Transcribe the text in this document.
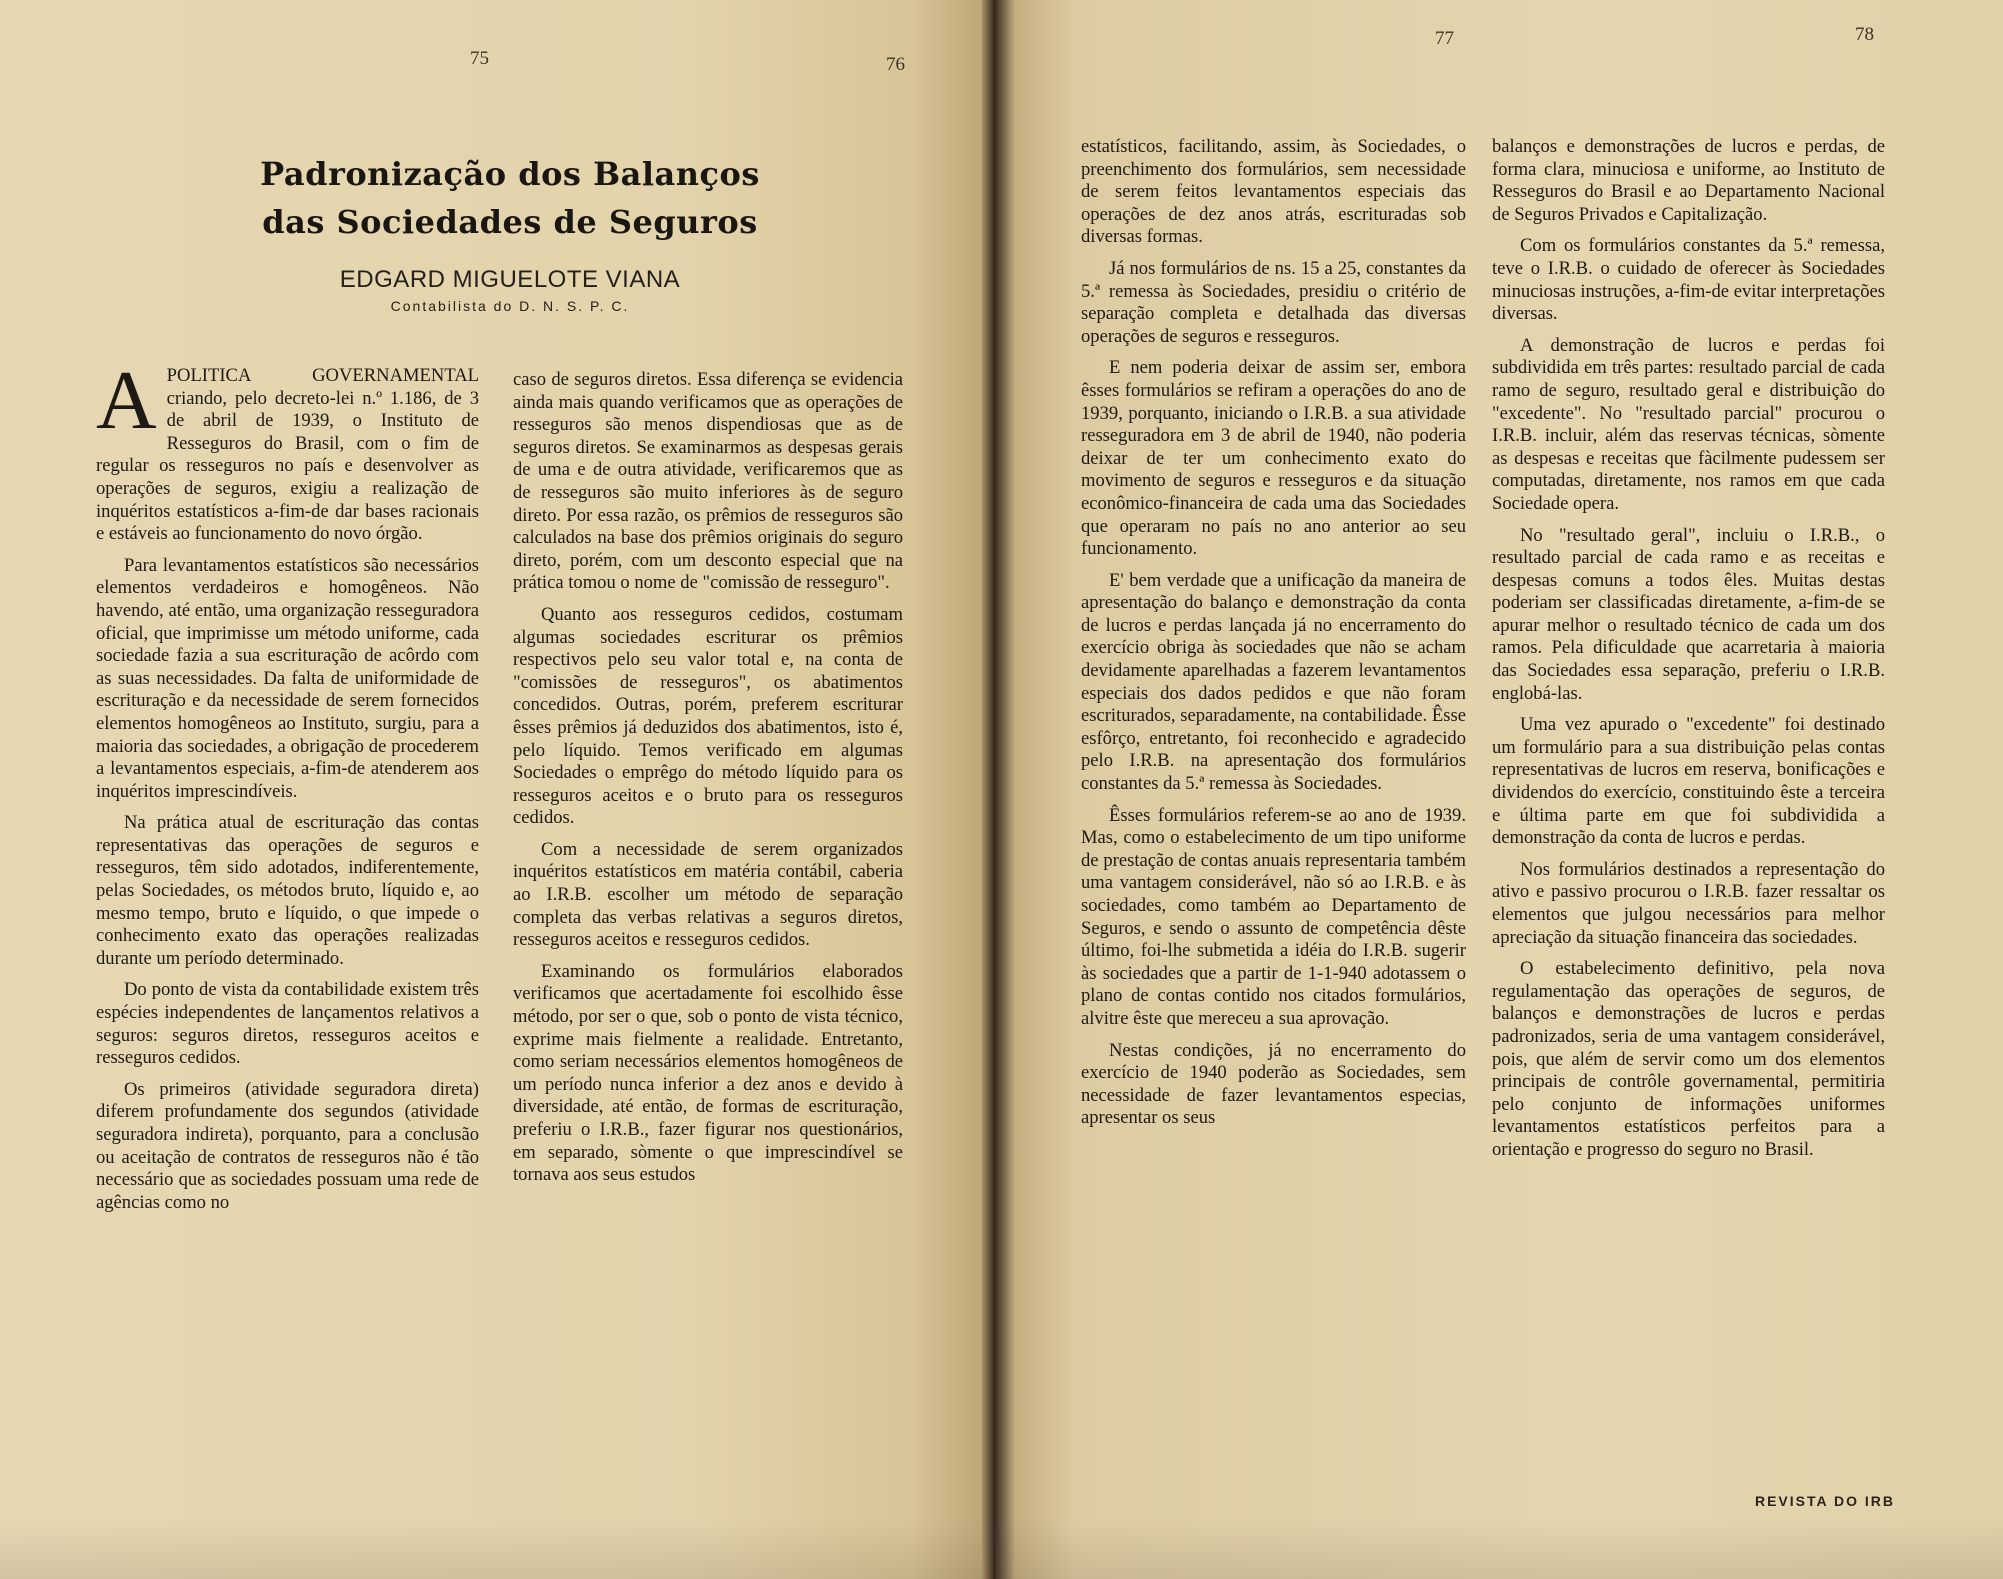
75	76
Padronização dos Balanços
das Sociedades de Seguros
EDGARD MIGUELOTE VIANA
Contabilista do D. N. S. P. C.

APOLITICA GOVERNAMENTAL criando, pelo decreto-lei n.º 1.186, de 3 de abril de 1939, o Instituto de Resseguros do Brasil, com o fim de regular os resseguros no país e desenvolver as operações de seguros, exigiu a realização de inquéritos estatísticos a-fim-de dar bases racionais e estáveis ao funcionamento do novo órgão.

Para levantamentos estatísticos são necessários elementos verdadeiros e homogêneos. Não havendo, até então, uma organização resseguradora oficial, que imprimisse um método uniforme, cada sociedade fazia a sua escrituração de acôrdo com as suas necessidades. Da falta de uniformidade de escrituração e da necessidade de serem fornecidos elementos homogêneos ao Instituto, surgiu, para a maioria das sociedades, a obrigação de procederem a levantamentos especiais, a-fim-de atenderem aos inquéritos imprescindíveis.

Na prática atual de escrituração das contas representativas das operações de seguros e resseguros, têm sido adotados, indiferentemente, pelas Sociedades, os métodos bruto, líquido e, ao mesmo tempo, bruto e líquido, o que impede o conhecimento exato das operações realizadas durante um período determinado.

Do ponto de vista da contabilidade existem três espécies independentes de lançamentos relativos a seguros: seguros diretos, resseguros aceitos e resseguros cedidos.

Os primeiros (atividade seguradora direta) diferem profundamente dos segundos (atividade seguradora indireta), porquanto, para a conclusão ou aceitação de contratos de resseguros não é tão necessário que as sociedades possuam uma rede de agências como no

caso de seguros diretos. Essa diferença se evidencia ainda mais quando verificamos que as operações de resseguros são menos dispendiosas que as de seguros diretos. Se examinarmos as despesas gerais de uma e de outra atividade, verificaremos que as de resseguros são muito inferiores às de seguro direto. Por essa razão, os prêmios de resseguros são calculados na base dos prêmios originais do seguro direto, porém, com um desconto especial que na prática tomou o nome de "comissão de resseguro".

Quanto aos resseguros cedidos, costumam algumas sociedades escriturar os prêmios respectivos pelo seu valor total e, na conta de "comissões de resseguros", os abatimentos concedidos. Outras, porém, preferem escriturar êsses prêmios já deduzidos dos abatimentos, isto é, pelo líquido. Temos verificado em algumas Sociedades o emprêgo do método líquido para os resseguros aceitos e o bruto para os resseguros cedidos.

Com a necessidade de serem organizados inquéritos estatísticos em matéria contábil, caberia ao I.R.B. escolher um método de separação completa das verbas relativas a seguros diretos, resseguros aceitos e resseguros cedidos.

Examinando os formulários elaborados verificamos que acertadamente foi escolhido êsse método, por ser o que, sob o ponto de vista técnico, exprime mais fielmente a realidade. Entretanto, como seriam necessários elementos homogêneos de um período nunca inferior a dez anos e devido à diversidade, até então, de formas de escrituração, preferiu o I.R.B., fazer figurar nos questionários, em separado, sòmente o que imprescindível se tornava aos seus estudos

77	78

estatísticos, facilitando, assim, às Sociedades, o preenchimento dos formulários, sem necessidade de serem feitos levantamentos especiais das operações de dez anos atrás, escrituradas sob diversas formas.

Já nos formulários de ns. 15 a 25, constantes da 5.ª remessa às Sociedades, presidiu o critério de separação completa e detalhada das diversas operações de seguros e resseguros.

E nem poderia deixar de assim ser, embora êsses formulários se refiram a operações do ano de 1939, porquanto, iniciando o I.R.B. a sua atividade resseguradora em 3 de abril de 1940, não poderia deixar de ter um conhecimento exato do movimento de seguros e resseguros e da situação econômico-financeira de cada uma das Sociedades que operaram no país no ano anterior ao seu funcionamento.

E' bem verdade que a unificação da maneira de apresentação do balanço e demonstração da conta de lucros e perdas lançada já no encerramento do exercício obriga às sociedades que não se acham devidamente aparelhadas a fazerem levantamentos especiais dos dados pedidos e que não foram escriturados, separadamente, na contabilidade. Êsse esfôrço, entretanto, foi reconhecido e agradecido pelo I.R.B. na apresentação dos formulários constantes da 5.ª remessa às Sociedades.

Êsses formulários referem-se ao ano de 1939. Mas, como o estabelecimento de um tipo uniforme de prestação de contas anuais representaria também uma vantagem considerável, não só ao I.R.B. e às sociedades, como também ao Departamento de Seguros, e sendo o assunto de competência dêste último, foi-lhe submetida a idéia do I.R.B. sugerir às sociedades que a partir de 1-1-940 adotassem o plano de contas contido nos citados formulários, alvitre êste que mereceu a sua aprovação.

Nestas condições, já no encerramento do exercício de 1940 poderão as Sociedades, sem necessidade de fazer levantamentos especias, apresentar os seus

balanços e demonstrações de lucros e perdas, de forma clara, minuciosa e uniforme, ao Instituto de Resseguros do Brasil e ao Departamento Nacional de Seguros Privados e Capitalização.

Com os formulários constantes da 5.ª remessa, teve o I.R.B. o cuidado de oferecer às Sociedades minuciosas instruções, a-fim-de evitar interpretações diversas.

A demonstração de lucros e perdas foi subdividida em três partes: resultado parcial de cada ramo de seguro, resultado geral e distribuição do "excedente". No "resultado parcial" procurou o I.R.B. incluir, além das reservas técnicas, sòmente as despesas e receitas que fàcilmente pudessem ser computadas, diretamente, nos ramos em que cada Sociedade opera.

No "resultado geral", incluiu o I.R.B., o resultado parcial de cada ramo e as receitas e despesas comuns a todos êles. Muitas destas poderiam ser classificadas diretamente, a-fim-de se apurar melhor o resultado técnico de cada um dos ramos. Pela dificuldade que acarretaria à maioria das Sociedades essa separação, preferiu o I.R.B. englobá-las.

Uma vez apurado o "excedente" foi destinado um formulário para a sua distribuição pelas contas representativas de lucros em reserva, bonificações e dividendos do exercício, constituindo êste a terceira e última parte em que foi subdividida a demonstração da conta de lucros e perdas.

Nos formulários destinados a representação do ativo e passivo procurou o I.R.B. fazer ressaltar os elementos que julgou necessários para melhor apreciação da situação financeira das sociedades.

O estabelecimento definitivo, pela nova regulamentação das operações de seguros, de balanços e demonstrações de lucros e perdas padronizados, seria de uma vantagem considerável, pois, que além de servir como um dos elementos principais de contrôle governamental, permitiria pelo conjunto de informações uniformes levantamentos estatísticos perfeitos para a orientação e progresso do seguro no Brasil.

REVISTA DO IRB
